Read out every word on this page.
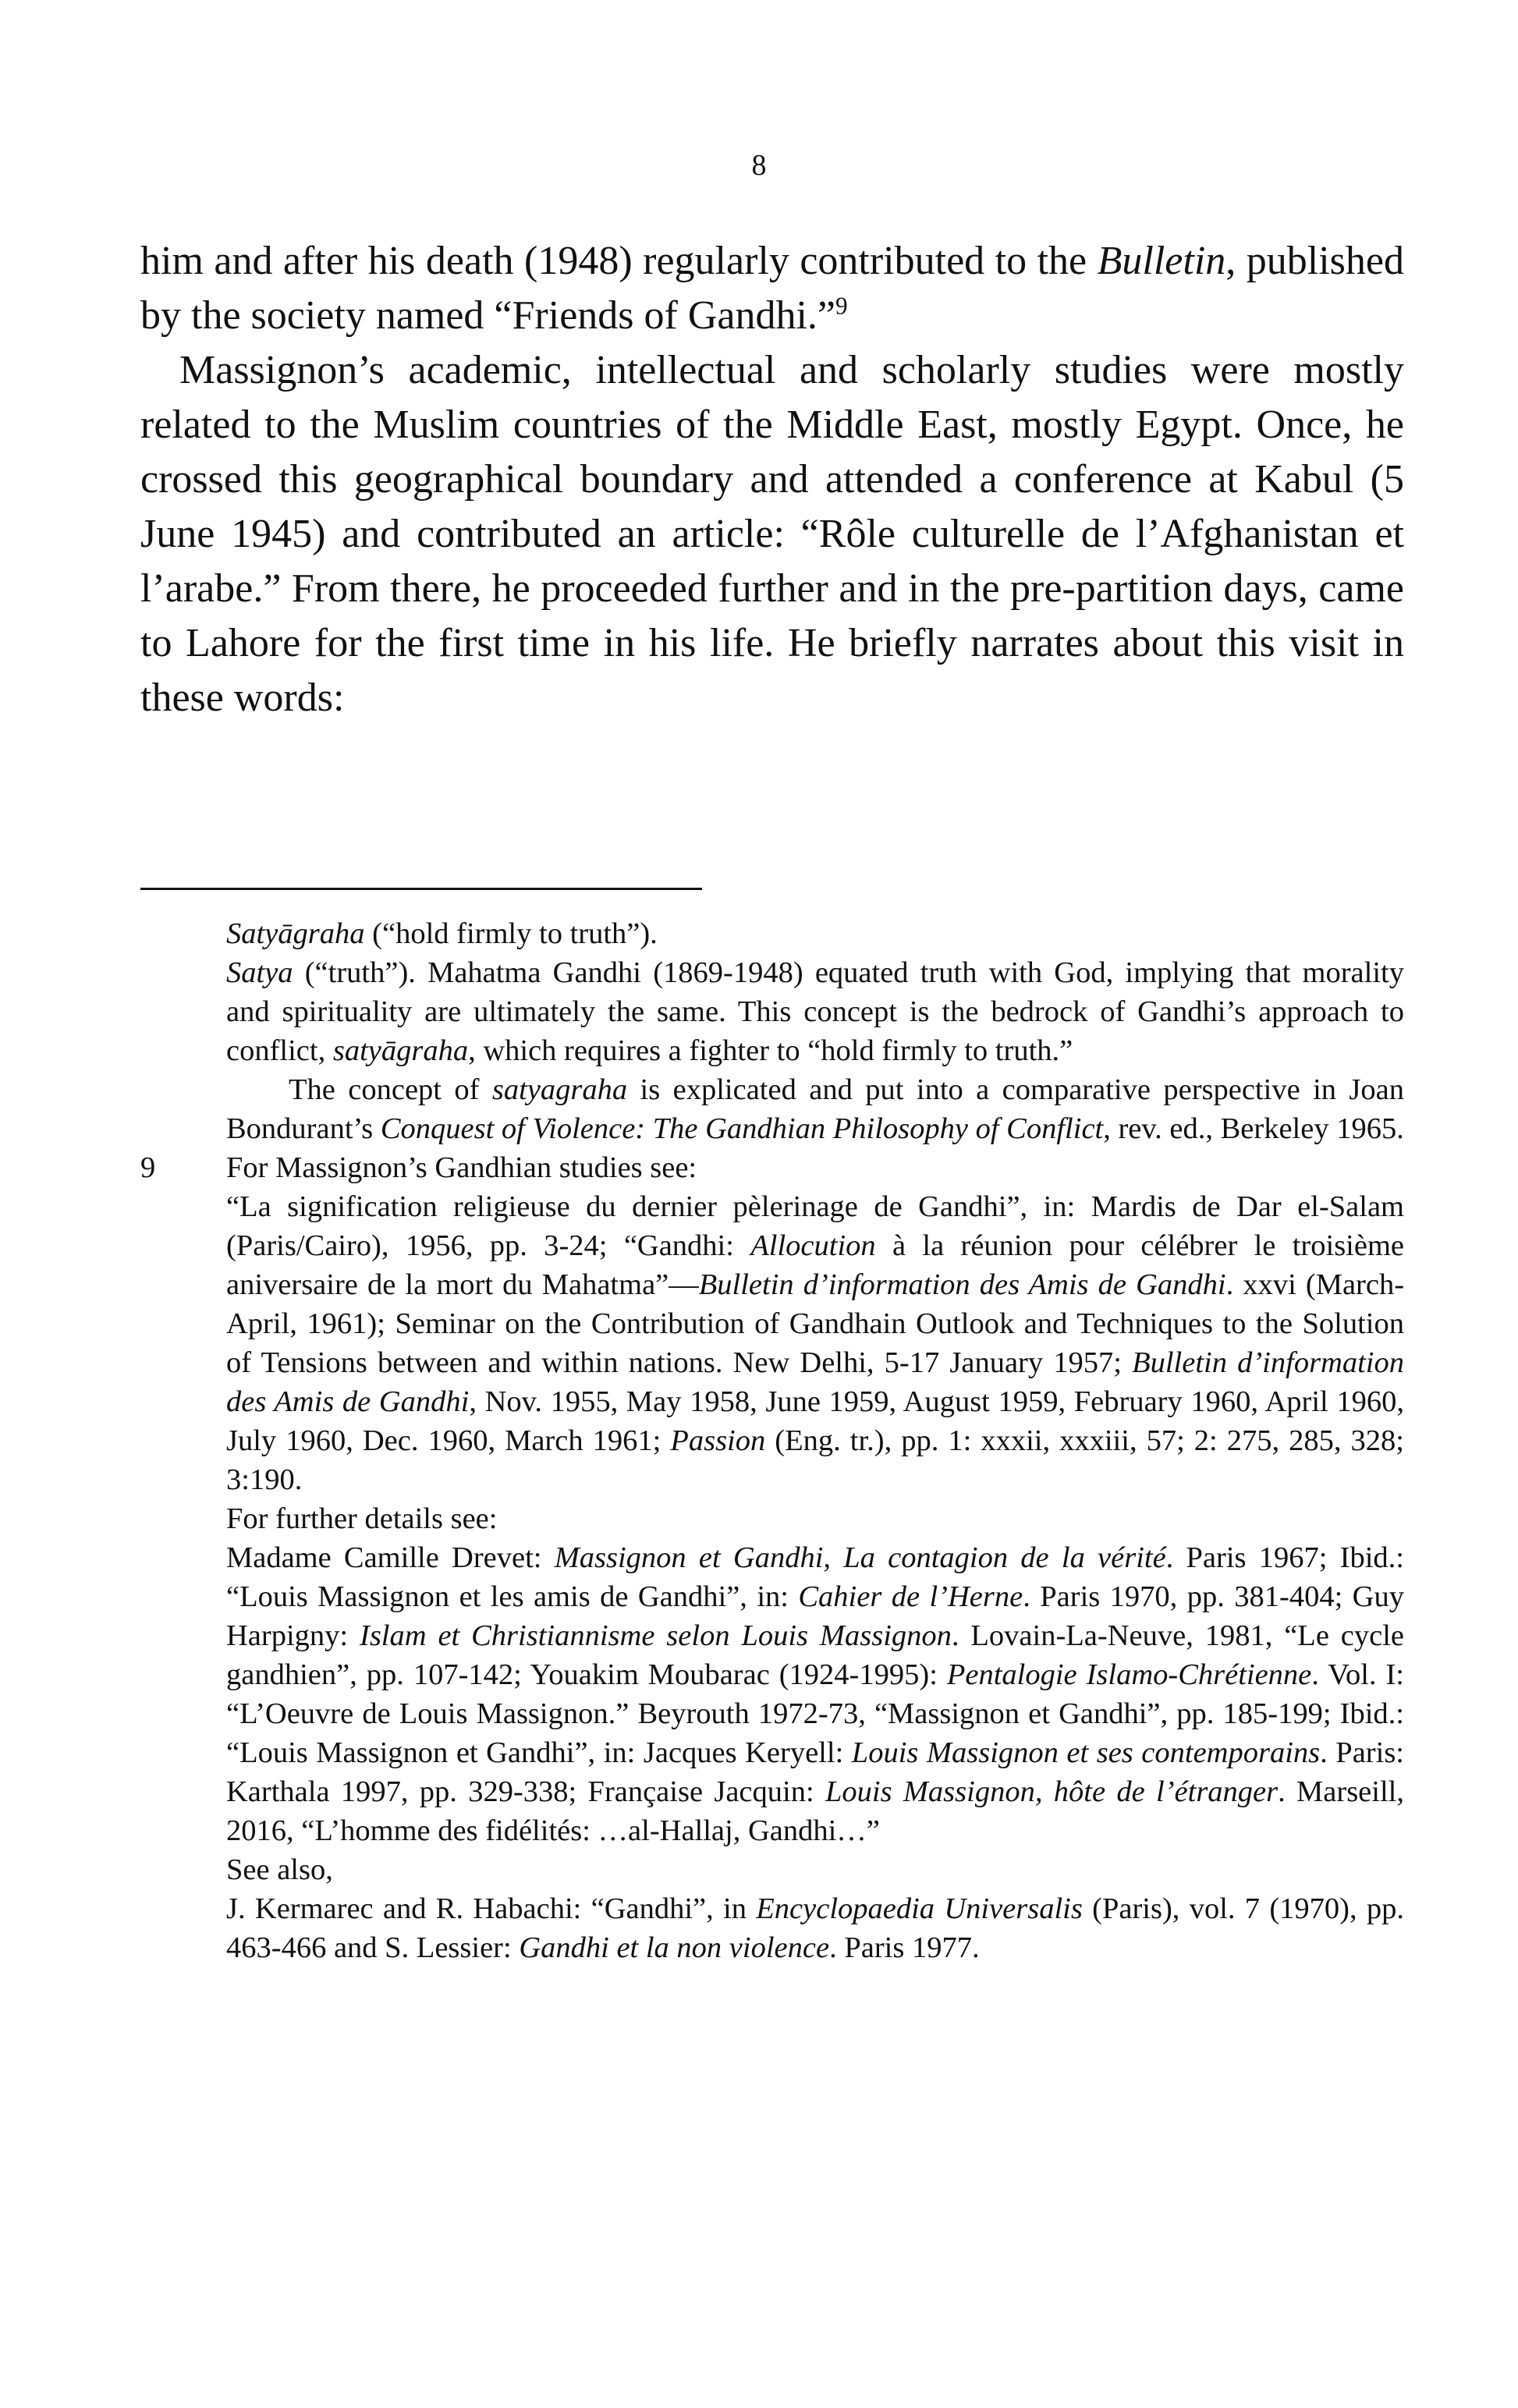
8

him and after his death (1948) regularly contributed to the Bulletin, published by the society named “Friends of Gandhi.”$^9$

Massignon’s academic, intellectual and scholarly studies were mostly related to the Muslim countries of the Middle East, mostly Egypt. Once, he crossed this geographical boundary and attended a conference at Kabul (5 June 1945) and contributed an article: “Rôle culturelle de l’Afghanistan et l’arabe.” From there, he proceeded further and in the pre-partition days, came to Lahore for the first time in his life. He briefly narrates about this visit in these words:

Satyāgraha (“hold firmly to truth”).

Satya (“truth”). Mahatma Gandhi (1869-1948) equated truth with God, implying that morality and spirituality are ultimately the same. This concept is the bedrock of Gandhi’s approach to conflict, satyāgraha, which requires a fighter to “hold firmly to truth.”

The concept of satyagraha is explicated and put into a comparative perspective in Joan Bondurant’s Conquest of Violence: The Gandhian Philosophy of Conflict, rev. ed., Berkeley 1965.

9 For Massignon’s Gandhian studies see:

“La signification religieuse du dernier pèlerinage de Gandhi”, in: Mardis de Dar el-Salam (Paris/Cairo), 1956, pp. 3-24; “Gandhi: Allocution à la réunion pour célébrer le troisième aniversaire de la mort du Mahatma”—Bulletin d’information des Amis de Gandhi. xxvi (March-April, 1961); Seminar on the Contribution of Gandhain Outlook and Techniques to the Solution of Tensions between and within nations. New Delhi, 5-17 January 1957; Bulletin d’information des Amis de Gandhi, Nov. 1955, May 1958, June 1959, August 1959, February 1960, April 1960, July 1960, Dec. 1960, March 1961; Passion (Eng. tr.), pp. 1: xxxii, xxxiii, 57; 2: 275, 285, 328; 3:190.

For further details see:

Madame Camille Drevet: Massignon et Gandhi, La contagion de la vérité. Paris 1967; Ibid.: “Louis Massignon et les amis de Gandhi”, in: Cahier de l’Herne. Paris 1970, pp. 381-404; Guy Harpigny: Islam et Christiannisme selon Louis Massignon. Lovain-La-Neuve, 1981, “Le cycle gandhien”, pp. 107-142; Youakim Moubarac (1924-1995): Pentalogie Islamo-Chrétienne. Vol. I: “L’Oeuvre de Louis Massignon.” Beyrouth 1972-73, “Massignon et Gandhi”, pp. 185-199; Ibid.: “Louis Massignon et Gandhi”, in: Jacques Keryell: Louis Massignon et ses contemporains. Paris: Karthala 1997, pp. 329-338; Française Jacquin: Louis Massignon, hôte de l’étranger. Marseill, 2016, “L’homme des fidélités: …al-Hallaj, Gandhi…”

See also,

J. Kermarec and R. Habachi: “Gandhi”, in Encyclopaedia Universalis (Paris), vol. 7 (1970), pp. 463-466 and S. Lessier: Gandhi et la non violence. Paris 1977.
